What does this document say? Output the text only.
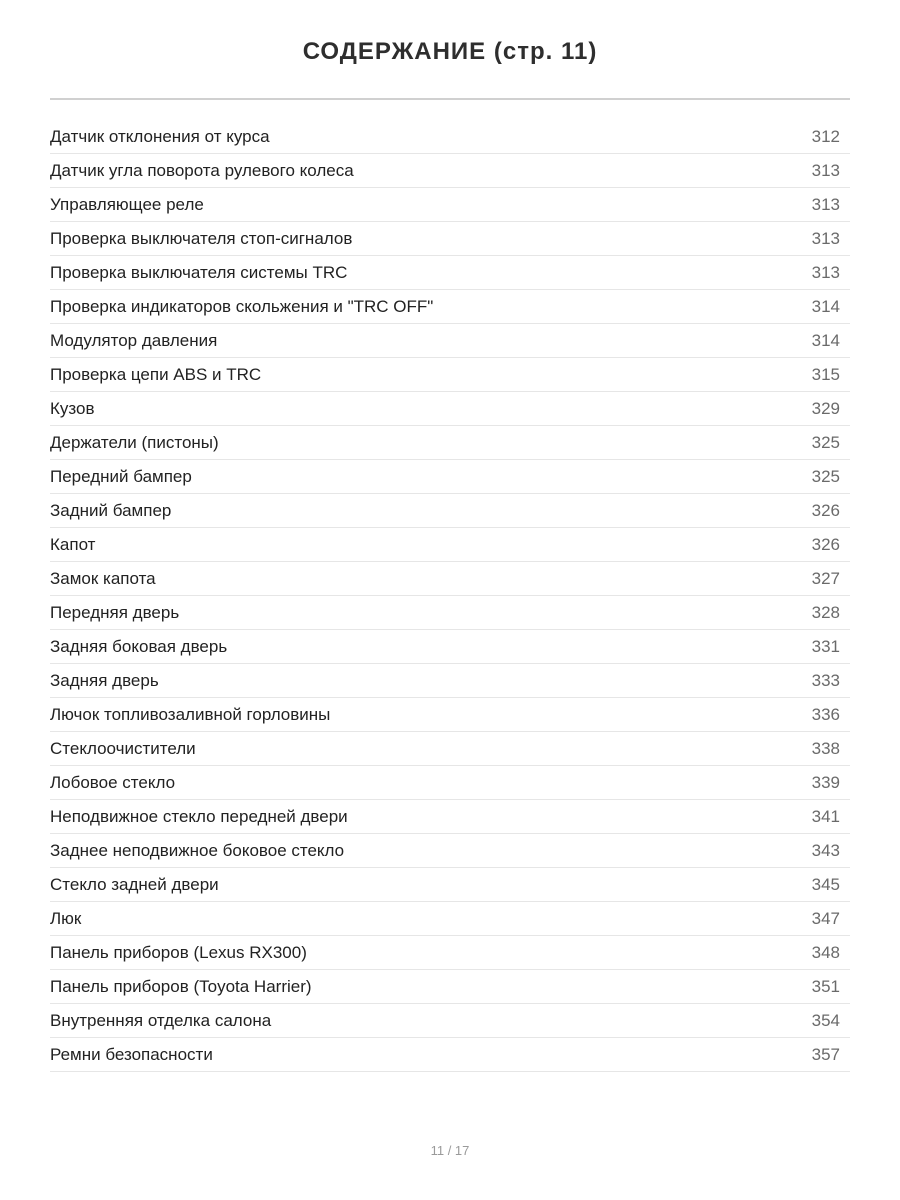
СОДЕРЖАНИЕ (стр. 11)
Датчик отклонения от курса	312
Датчик угла поворота рулевого колеса	313
Управляющее реле	313
Проверка выключателя стоп-сигналов	313
Проверка выключателя системы TRC	313
Проверка индикаторов скольжения и "TRC OFF"	314
Модулятор давления	314
Проверка цепи ABS и TRC	315
Кузов	329
Держатели (пистоны)	325
Передний бампер	325
Задний бампер	326
Капот	326
Замок капота	327
Передняя дверь	328
Задняя боковая дверь	331
Задняя дверь	333
Лючок топливозаливной горловины	336
Стеклоочистители	338
Лобовое стекло	339
Неподвижное стекло передней двери	341
Заднее неподвижное боковое стекло	343
Стекло задней двери	345
Люк	347
Панель приборов (Lexus RX300)	348
Панель приборов (Toyota Harrier)	351
Внутренняя отделка салона	354
Ремни безопасности	357
11 / 17
